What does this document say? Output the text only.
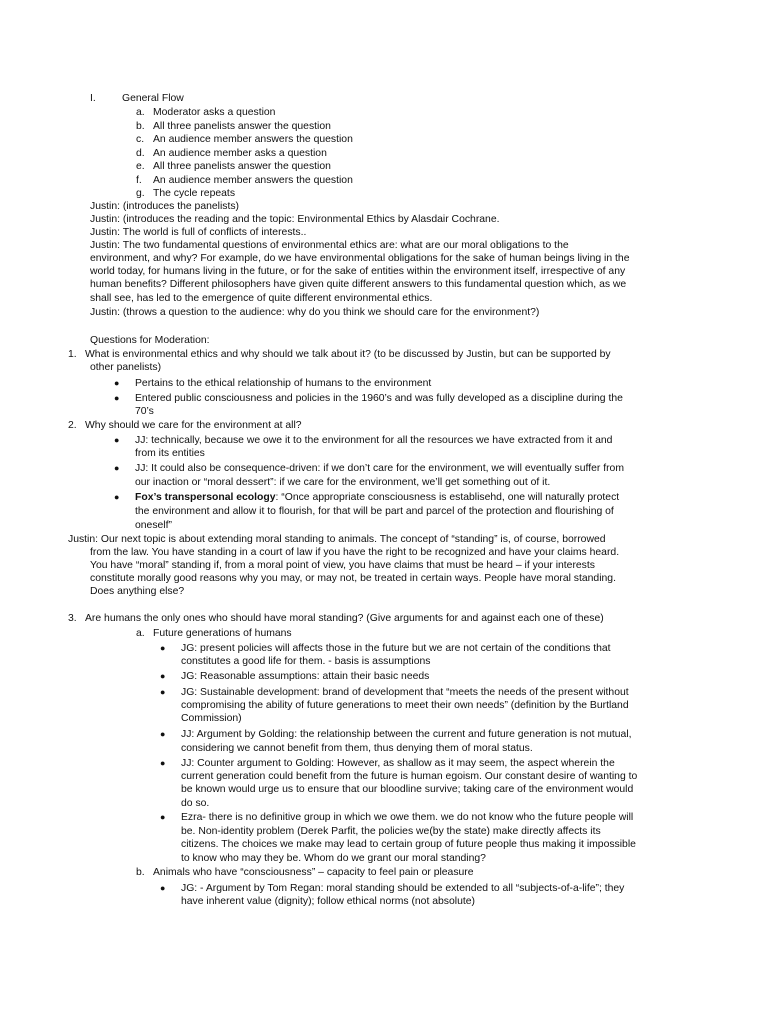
I.	General Flow
a. Moderator asks a question
b. All three panelists answer the question
c. An audience member answers the question
d. An audience member asks a question
e. All three panelists answer the question
f. An audience member answers the question
g. The cycle repeats
Justin: (introduces the panelists)
Justin: (introduces the reading and the topic: Environmental Ethics by Alasdair Cochrane.
Justin: The world is full of conflicts of interests..
Justin: The two fundamental questions of environmental ethics are: what are our moral obligations to the
environment, and why? For example, do we have environmental obligations for the sake of human beings living in the
world today, for humans living in the future, or for the sake of entities within the environment itself, irrespective of any
human benefits? Different philosophers have given quite different answers to this fundamental question which, as we
shall see, has led to the emergence of quite different environmental ethics.
Justin: (throws a question to the audience: why do you think we should care for the environment?)
Questions for Moderation:
1. What is environmental ethics and why should we talk about it? (to be discussed by Justin, but can be supported by
other panelists)
● Pertains to the ethical relationship of humans to the environment
● Entered public consciousness and policies in the 1960’s and was fully developed as a discipline during the
70’s
2. Why should we care for the environment at all?
● JJ: technically, because we owe it to the environment for all the resources we have extracted from it and
from its entities
● JJ: It could also be consequence-driven: if we don’t care for the environment, we will eventually suffer from
our inaction or “moral dessert”: if we care for the environment, we’ll get something out of it.
● Fox’s transpersonal ecology: “Once appropriate consciousness is establisehd, one will naturally protect
the environment and allow it to flourish, for that will be part and parcel of the protection and flourishing of
oneself”
Justin: Our next topic is about extending moral standing to animals. The concept of “standing” is, of course, borrowed
from the law. You have standing in a court of law if you have the right to be recognized and have your claims heard.
You have “moral” standing if, from a moral point of view, you have claims that must be heard – if your interests
constitute morally good reasons why you may, or may not, be treated in certain ways. People have moral standing.
Does anything else?
3. Are humans the only ones who should have moral standing? (Give arguments for and against each one of these)
a. Future generations of humans
● JG: present policies will affects those in the future but we are not certain of the conditions that
constitutes a good life for them. - basis is assumptions
● JG: Reasonable assumptions: attain their basic needs
● JG: Sustainable development: brand of development that “meets the needs of the present without
compromising the ability of future generations to meet their own needs” (definition by the Burtland
Commission)
● JJ: Argument by Golding: the relationship between the current and future generation is not mutual,
considering we cannot benefit from them, thus denying them of moral status.
● JJ: Counter argument to Golding: However, as shallow as it may seem, the aspect wherein the
current generation could benefit from the future is human egoism. Our constant desire of wanting to
be known would urge us to ensure that our bloodline survive; taking care of the environment would
do so.
● Ezra- there is no definitive group in which we owe them. we do not know who the future people will
be. Non-identity problem (Derek Parfit, the policies we(by the state) make directly affects its
citizens. The choices we make may lead to certain group of future people thus making it impossible
to know who may they be. Whom do we grant our moral standing?
b. Animals who have “consciousness” – capacity to feel pain or pleasure
● JG: - Argument by Tom Regan: moral standing should be extended to all “subjects-of-a-life”; they
have inherent value (dignity); follow ethical norms (not absolute)
